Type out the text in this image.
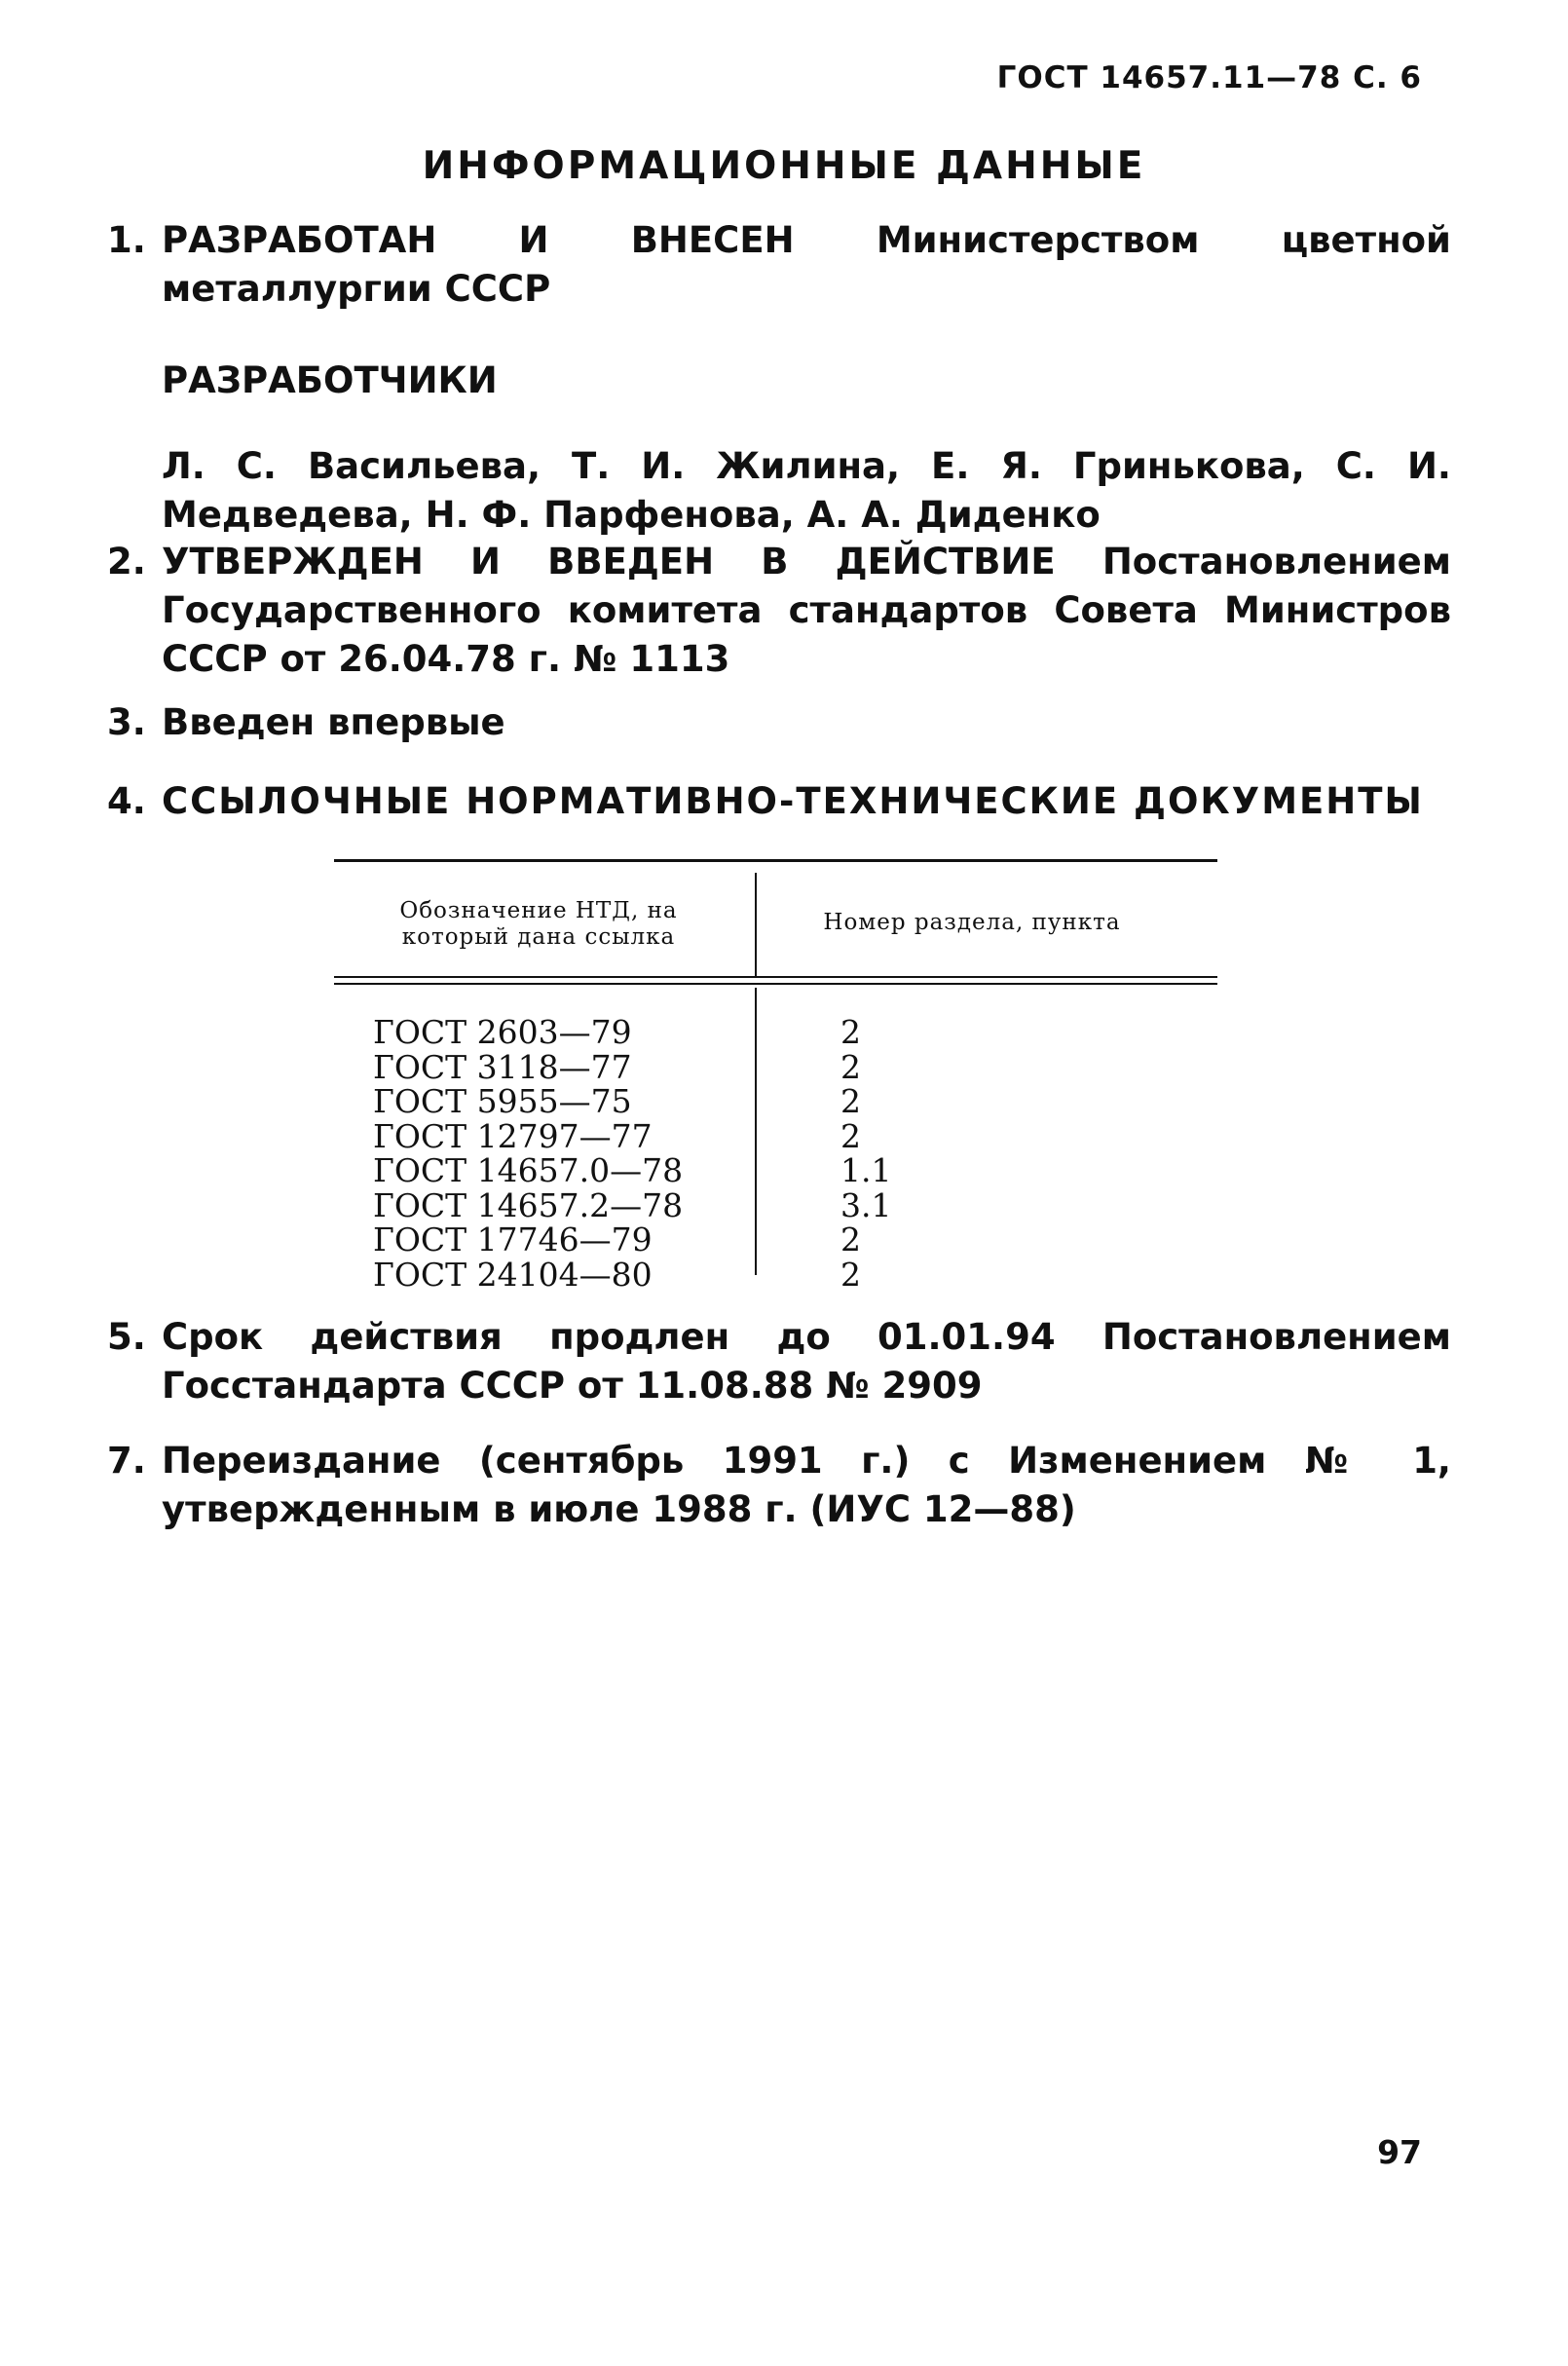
ГОСТ 14657.11—78 С. 6
ИНФОРМАЦИОННЫЕ ДАННЫЕ
1. РАЗРАБОТАН И ВНЕСЕН Министерством цветной металлургии СССР
РАЗРАБОТЧИКИ
Л. С. Васильева, Т. И. Жилина, Е. Я. Гринькова, С. И. Медведева, Н. Ф. Парфенова, А. А. Диденко
2. УТВЕРЖДЕН И ВВЕДЕН В ДЕЙСТВИЕ Постановлением Государственного комитета стандартов Совета Министров СССР от 26.04.78 г. № 1113
3. Введен впервые
4. ССЫЛОЧНЫЕ НОРМАТИВНО-ТЕХНИЧЕСКИЕ ДОКУМЕНТЫ
Обозначение НТД, на который дана ссылка
Номер раздела, пункта
ГОСТ 2603—79
ГОСТ 3118—77
ГОСТ 5955—75
ГОСТ 12797—77
ГОСТ 14657.0—78
ГОСТ 14657.2—78
ГОСТ 17746—79
ГОСТ 24104—80
2
2
2
2
1.1
3.1
2
2
5. Срок действия продлен до 01.01.94 Постановлением Госстандарта СССР от 11.08.88 № 2909
7. Переиздание (сентябрь 1991 г.) с Изменением № 1, утвержденным в июле 1988 г. (ИУС 12—88)
97
